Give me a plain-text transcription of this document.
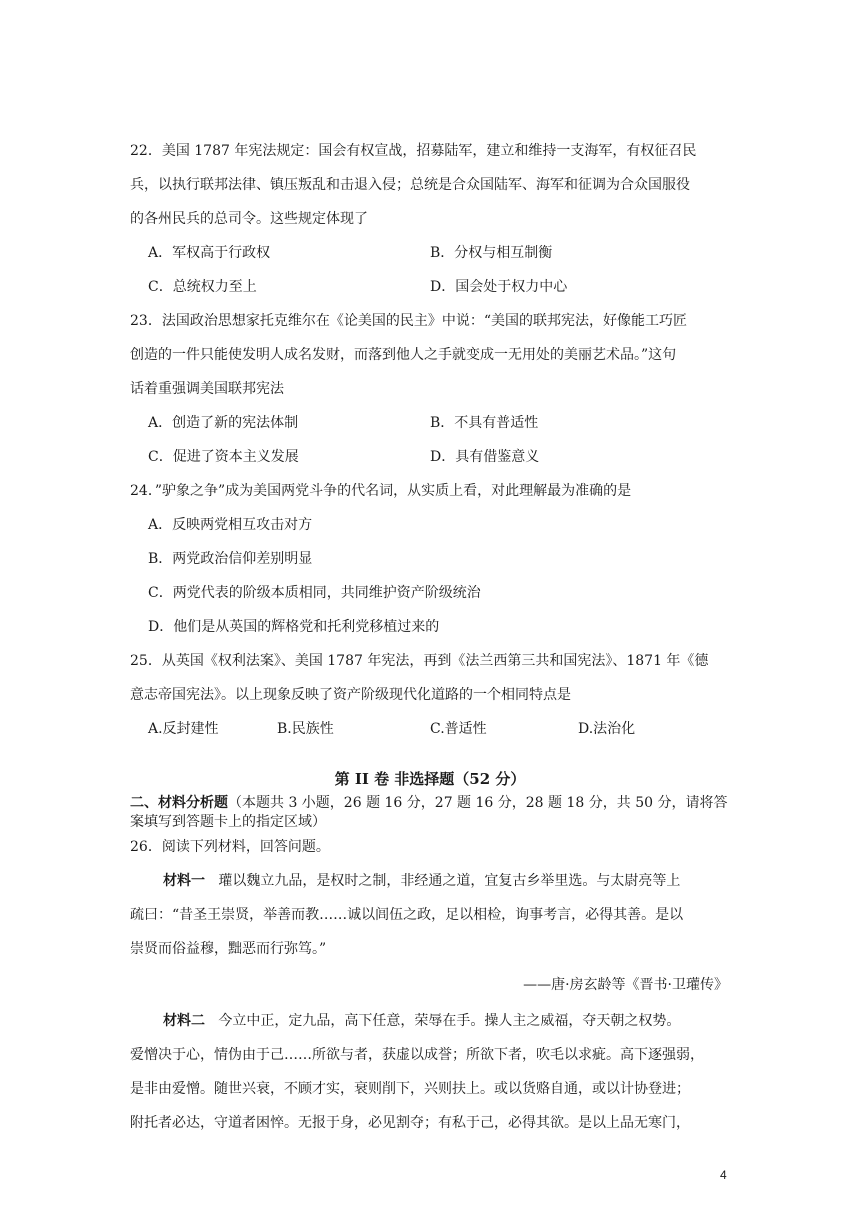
22．美国 1787 年宪法规定：国会有权宣战，招募陆军，建立和维持一支海军，有权征召民
兵，以执行联邦法律、镇压叛乱和击退入侵；总统是合众国陆军、海军和征调为合众国服役
的各州民兵的总司令。这些规定体现了
A．军权高于行政权	B．分权与相互制衡
C．总统权力至上	D．国会处于权力中心
23．法国政治思想家托克维尔在《论美国的民主》中说：“美国的联邦宪法，好像能工巧匠
创造的一件只能使发明人成名发财，而落到他人之手就变成一无用处的美丽艺术品。”这句
话着重强调美国联邦宪法
A．创造了新的宪法体制	B．不具有普适性
C．促进了资本主义发展	D．具有借鉴意义
24．”驴象之争”成为美国两党斗争的代名词，从实质上看，对此理解最为准确的是
A．反映两党相互攻击对方
B．两党政治信仰差别明显
C．两党代表的阶级本质相同，共同维护资产阶级统治
D．他们是从英国的辉格党和托利党移植过来的
25．从英国《权利法案》、美国 1787 年宪法，再到《法兰西第三共和国宪法》、1871 年《德
意志帝国宪法》。以上现象反映了资产阶级现代化道路的一个相同特点是
A.反封建性	B.民族性	C.普适性	D.法治化
第 II 卷 非选择题（52 分）
二、材料分析题（本题共 3 小题，26 题 16 分，27 题 16 分，28 题 18 分，共 50 分，请将答
案填写到答题卡上的指定区域）
26．阅读下列材料，回答问题。
材料一 瓘以魏立九品，是权时之制，非经通之道，宜复古乡举里选。与太尉亮等上
疏曰：“昔圣王崇贤，举善而教……诚以闾伍之政，足以相检，询事考言，必得其善。是以
崇贤而俗益穆，黜恶而行弥笃。”
——唐·房玄龄等《晋书·卫瓘传》
材料二 今立中正，定九品，高下任意，荣辱在手。操人主之威福，夺天朝之权势。
爱憎决于心，情伪由于己……所欲与者，获虚以成誉；所欲下者，吹毛以求疵。高下逐强弱，
是非由爱憎。随世兴衰，不顾才实，衰则削下，兴则扶上。或以货赂自通，或以计协登进；
附托者必达，守道者困悴。无报于身，必见割夺；有私于己，必得其欲。是以上品无寒门，
4
